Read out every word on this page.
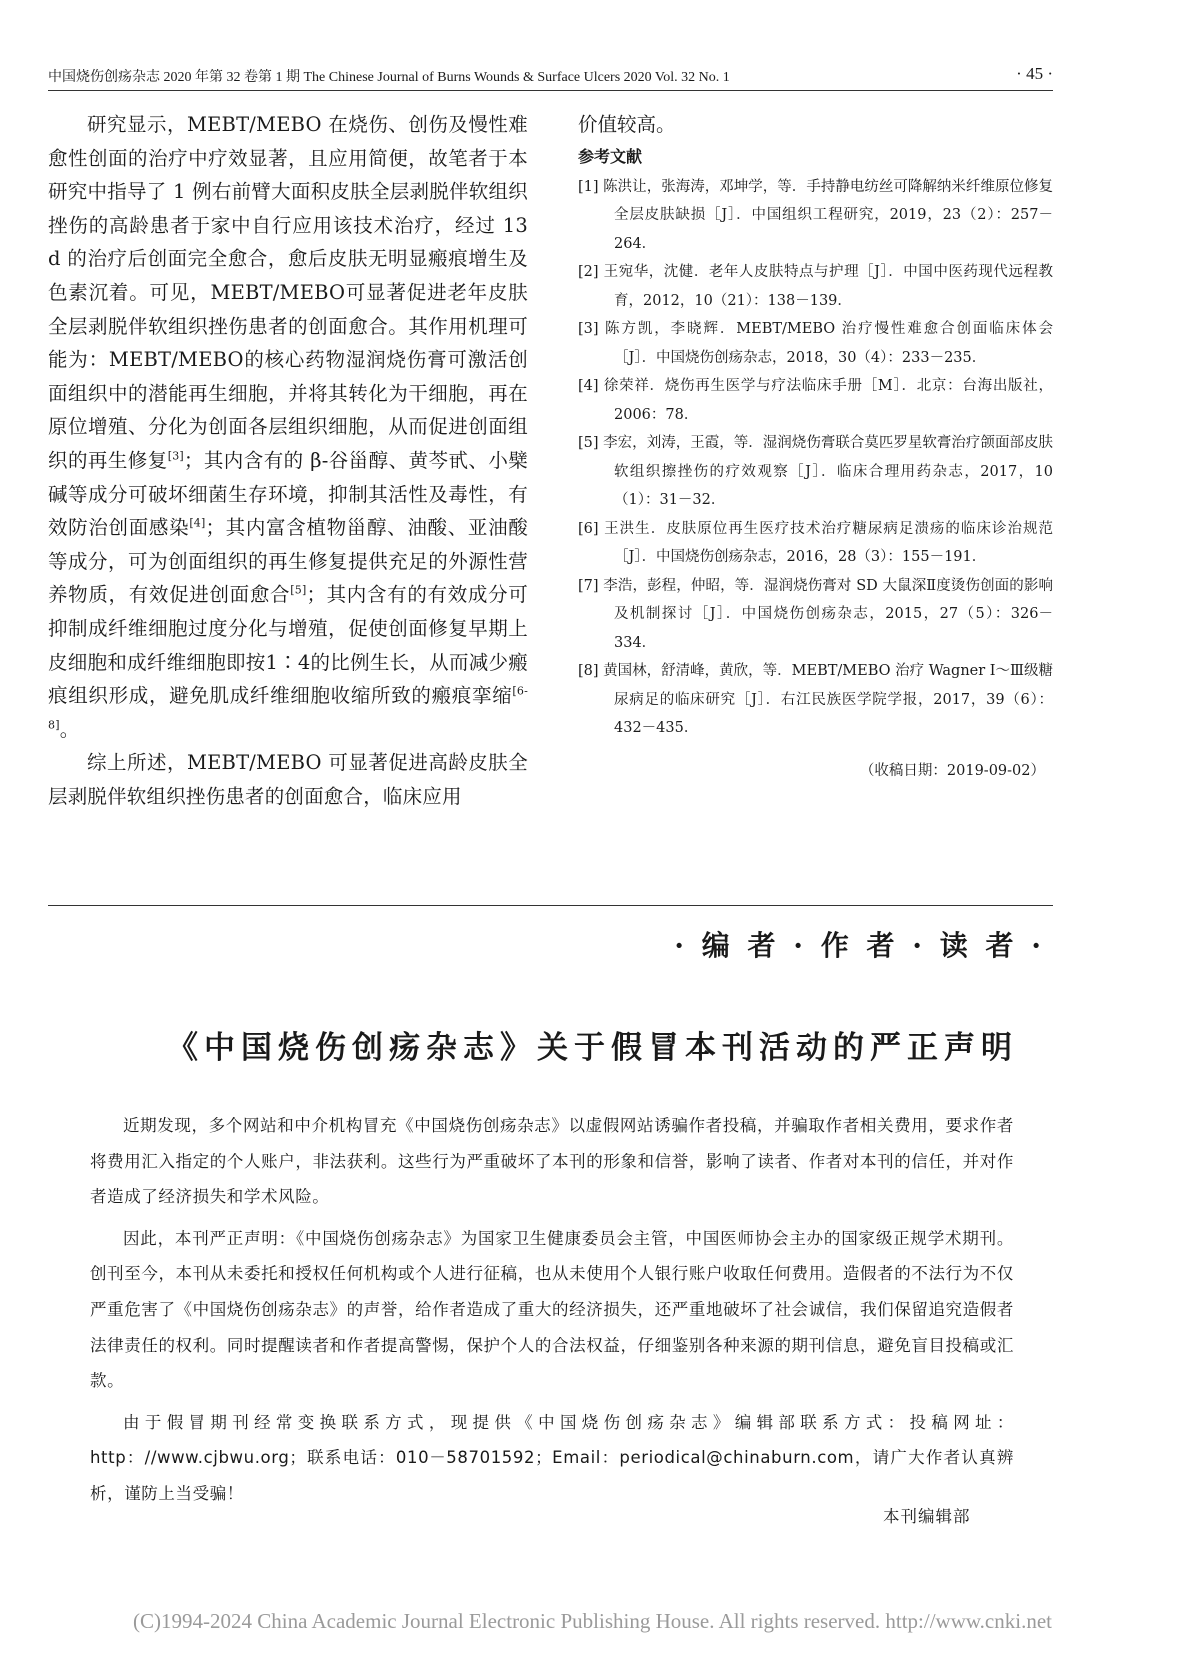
中国烧伤创疡杂志 2020 年第 32 卷第 1 期 The Chinese Journal of Burns Wounds & Surface Ulcers 2020 Vol. 32 No. 1	· 45 ·

研究显示，MEBT/MEBO 在烧伤、创伤及慢性难愈性创面的治疗中疗效显著，且应用简便，故笔者于本研究中指导了 1 例右前臂大面积皮肤全层剥脱伴软组织挫伤的高龄患者于家中自行应用该技术治疗，经过 13 d 的治疗后创面完全愈合，愈后皮肤无明显瘢痕增生及色素沉着。可见，MEBT/MEBO可显著促进老年皮肤全层剥脱伴软组织挫伤患者的创面愈合。其作用机理可能为：MEBT/MEBO的核心药物湿润烧伤膏可激活创面组织中的潜能再生细胞，并将其转化为干细胞，再在原位增殖、分化为创面各层组织细胞，从而促进创面组织的再生修复[3]；其内含有的 β-谷甾醇、黄芩甙、小檗碱等成分可破坏细菌生存环境，抑制其活性及毒性，有效防治创面感染[4]；其内富含植物甾醇、油酸、亚油酸等成分，可为创面组织的再生修复提供充足的外源性营养物质，有效促进创面愈合[5]；其内含有的有效成分可抑制成纤维细胞过度分化与增殖，促使创面修复早期上皮细胞和成纤维细胞即按1∶4的比例生长，从而减少瘢痕组织形成，避免肌成纤维细胞收缩所致的瘢痕挛缩[6-8]。

综上所述，MEBT/MEBO 可显著促进高龄皮肤全层剥脱伴软组织挫伤患者的创面愈合，临床应用

价值较高。

参考文献

[1] 陈洪让，张海涛，邓坤学，等．手持静电纺丝可降解纳米纤维原位修复全层皮肤缺损［J］．中国组织工程研究，2019，23（2）：257－264．

[2] 王宛华，沈健．老年人皮肤特点与护理［J］．中国中医药现代远程教育，2012，10（21）：138－139．

[3] 陈方凯，李晓辉．MEBT/MEBO 治疗慢性难愈合创面临床体会［J］．中国烧伤创疡杂志，2018，30（4）：233－235．

[4] 徐荣祥．烧伤再生医学与疗法临床手册［M］．北京：台海出版社，2006：78．

[5] 李宏，刘涛，王霞，等．湿润烧伤膏联合莫匹罗星软膏治疗颌面部皮肤软组织擦挫伤的疗效观察［J］．临床合理用药杂志，2017，10（1）：31－32．

[6] 王洪生．皮肤原位再生医疗技术治疗糖尿病足溃疡的临床诊治规范［J］．中国烧伤创疡杂志，2016，28（3）：155－191．

[7] 李浩，彭程，仲昭，等．湿润烧伤膏对 SD 大鼠深Ⅱ度烫伤创面的影响及机制探讨［J］．中国烧伤创疡杂志，2015，27（5）：326－334．

[8] 黄国林，舒清峰，黄欣，等．MEBT/MEBO 治疗 Wagner Ⅰ～Ⅲ级糖尿病足的临床研究［J］．右江民族医学院学报，2017，39（6）：432－435．

（收稿日期：2019-09-02）
· 编 者 · 作 者 · 读 者 ·
《中国烧伤创疡杂志》关于假冒本刊活动的严正声明

近期发现，多个网站和中介机构冒充《中国烧伤创疡杂志》以虚假网站诱骗作者投稿，并骗取作者相关费用，要求作者将费用汇入指定的个人账户，非法获利。这些行为严重破坏了本刊的形象和信誉，影响了读者、作者对本刊的信任，并对作者造成了经济损失和学术风险。

因此，本刊严正声明：《中国烧伤创疡杂志》为国家卫生健康委员会主管，中国医师协会主办的国家级正规学术期刊。创刊至今，本刊从未委托和授权任何机构或个人进行征稿，也从未使用个人银行账户收取任何费用。造假者的不法行为不仅严重危害了《中国烧伤创疡杂志》的声誉，给作者造成了重大的经济损失，还严重地破坏了社会诚信，我们保留追究造假者法律责任的权利。同时提醒读者和作者提高警惕，保护个人的合法权益，仔细鉴别各种来源的期刊信息，避免盲目投稿或汇款。

由于假冒期刊经常变换联系方式，现提供《中国烧伤创疡杂志》编辑部联系方式：投稿网址：http：//www.cjbwu.org；联系电话：010－58701592；Email：periodical@chinaburn.com，请广大作者认真辨析，谨防上当受骗！

本刊编辑部
(C)1994-2024 China Academic Journal Electronic Publishing House. All rights reserved. http://www.cnki.net
